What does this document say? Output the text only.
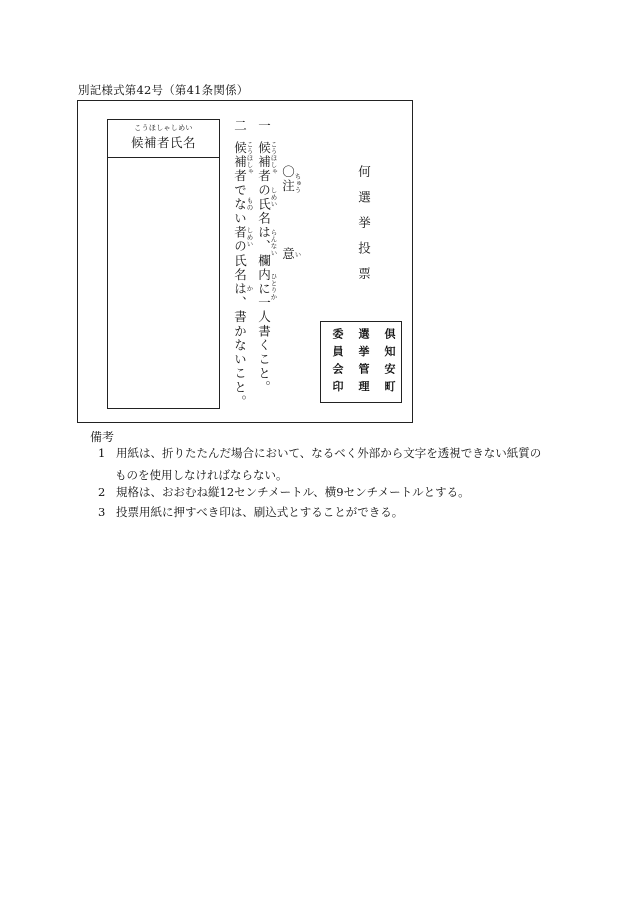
別記様式第42号（第41条関係）
こうほしゃしめい
候補者氏名
二
候補者でない者の氏名は、書かないこと。
こうほしゃ
もの
しめい
か
一
候補者の氏名は、欄内に一人書くこと。
こうほしゃ
しめい
らんない
ひとりか
〇注
ちゅう
意
い	何選挙投票
倶知安町
選挙管理
委員会印
備考
1 用紙は、折りたたんだ場合において、なるべく外部から文字を透視できない紙質の
ものを使用しなければならない。
2 規格は、おおむね縦12センチメートル、横9センチメートルとする。
3 投票用紙に押すべき印は、刷込式とすることができる。
